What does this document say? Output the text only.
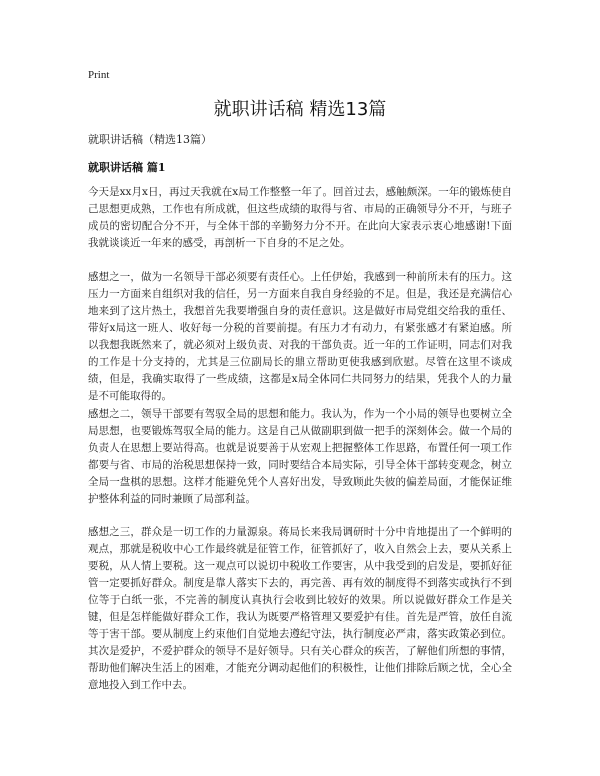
Print
就职讲话稿 精选13篇
就职讲话稿（精选13篇）
就职讲话稿 篇1

今天是xx月x日，再过天我就在x局工作整整一年了。回首过去，感触颇深。一年的锻炼使自己思想更成熟，工作也有所成就，但这些成绩的取得与省、市局的正确领导分不开，与班子成员的密切配合分不开，与全体干部的辛勤努力分不开。在此向大家表示衷心地感谢!下面我就谈谈近一年来的感受，再剖析一下自身的不足之处。

感想之一，做为一名领导干部必须要有责任心。上任伊始，我感到一种前所未有的压力。这压力一方面来自组织对我的信任，另一方面来自我自身经验的不足。但是，我还是充满信心地来到了这片热土，我想首先我要增强自身的责任意识。这是做好市局党组交给我的重任、带好x局这一班人、收好每一分税的首要前提。有压力才有动力，有紧张感才有紧迫感。所以我想我既然来了，就必须对上级负责、对我的干部负责。近一年的工作证明，同志们对我的工作是十分支持的，尤其是三位副局长的鼎立帮助更使我感到欣慰。尽管在这里不谈成绩，但是，我确实取得了一些成绩，这都是x局全体同仁共同努力的结果，凭我个人的力量是不可能取得的。

感想之二，领导干部要有驾驭全局的思想和能力。我认为，作为一个小局的领导也要树立全局思想，也要锻炼驾驭全局的能力。这是自己从做副职到做一把手的深刻体会。做一个局的负责人在思想上要站得高。也就是说要善于从宏观上把握整体工作思路，布置任何一项工作都要与省、市局的治税思想保持一致，同时要结合本局实际，引导全体干部转变观念，树立全局一盘棋的思想。这样才能避免凭个人喜好出发，导致顾此失彼的偏差局面，才能保证维护整体利益的同时兼顾了局部利益。

感想之三，群众是一切工作的力量源泉。蒋局长来我局调研时十分中肯地提出了一个鲜明的观点，那就是税收中心工作最终就是征管工作，征管抓好了，收入自然会上去，要从关系上要税，从人情上要税。这一观点可以说切中税收工作要害，从中我受到的启发是，要抓好征管一定要抓好群众。制度是靠人落实下去的，再完善、再有效的制度得不到落实或执行不到位等于白纸一张，不完善的制度认真执行会收到比较好的效果。所以说做好群众工作是关键，但是怎样能做好群众工作，我认为既要严格管理又要爱护有佳。首先是严管，放任自流等于害干部。要从制度上约束他们自觉地去遵纪守法，执行制度必严肃，落实政策必到位。其次是爱护，不爱护群众的领导不是好领导。只有关心群众的疾苦，了解他们所想的事情，帮助他们解决生活上的困难，才能充分调动起他们的积极性，让他们排除后顾之忧，全心全意地投入到工作中去。
